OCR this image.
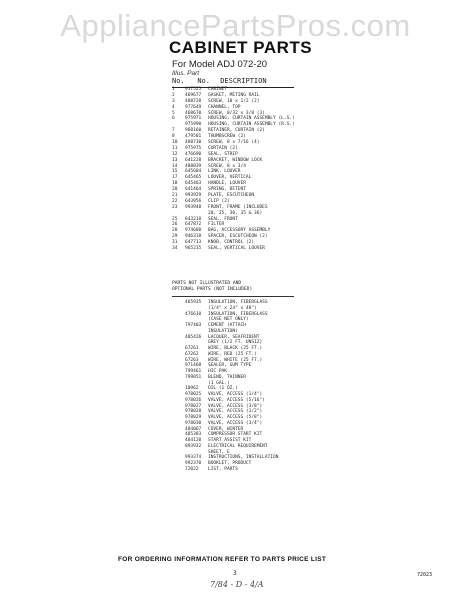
AppliancePartsPros.com
CABINET PARTS
For Model ADJ 072-20
Illus. Part
No. No. DESCRIPTION
1 917525 CABINET
2 469677 GASKET, METING RAIL
3 488720 SCREW, 10 x 1/2 (2)
4 977649 CHANNEL, TOP
5 468670 SCREW, 8/32 x 3/8 (3)
6 975971 HOUSING, CURTAIN ASSEMBLY (L.S.)
975990 HOUSING, CURTAIN ASSEMBLY (R.S.)
7 960160 RETAINER, CURTAIN (2)
8 479581 THUMBSCREW (2)
10 488730 SCREW, 8 x 7/16 (4)
11 975975 CURTAIN (2)
12 476690 SEAL, STRIP
13 641228 BRACKET, WINDOW LOCK
14 488039 SCREW, 8 x 3/4
15 645684 LINK, LOUVER
17 645465 LOUVER, VERTICAL
18 645463 HANDLE, LOUVER
20 641464 SPRING, DETENT
21 993929 PLATE, ESCUTCHEON
22 643956 CLIP (2)
23 993948 FRONT, FRAME (INCLUDES
20, 25, 30, 35 & 36)
25 843218 SEAL, FRONT
26 647872 FILTER
28 974680 BAG, ACCESSORY ASSEMBLY
29 946318 SPACER, ESCUTCHEON (2)
31 647713 KNOB, CONTROL (2)
34 965235 SEAL, VERTICAL LOUVER
PARTS NOT ILLUSTRATED AND
OPTIONAL PARTS (NOT INCLUDED)
465935 INSULATION, FIBERGLASS
(1/4" x 24" x 48")
476610 INSULATION, FIBERGLASS
(CASE NET ONLY)
797403 CEMENT (ATTACH
INSULATION)
485426 LACQUER, SEAFRIDENT
GREY (1/2 FT. UNSIZ)
67261 WIRE, BLACK (25 FT.)
67262 WIRE, RED (25 FT.)
67263 WIRE, WHITE (25 FT.)
971468 SEALER, GUM TYPE
799461 HIC PAK
799051 BLEND, THINNER
(1 GAL.)
10962 OIL (1 OZ.)
978025 VALVE, ACCESS (1/4")
978026 VALVE, ACCESS (5/16")
978027 VALVE, ACCESS (3/8")
978028 VALVE, ACCESS (1/2")
978029 VALVE, ACCESS (5/8")
978030 VALVE, ACCESS (3/4")
484067 COVER, WINTER
485383 COMPRESSOR START KIT
484120 START ASSIST KIT
893932 ELECTRICAL REQUIREMENT
SHEET, E
993374 INSTRUCTIONS, INSTALLATION
992370 BOOKLET, PRODUCT
72022 LIST, PARTS
FOR ORDERING INFORMATION REFER TO PARTS PRICE LIST
3	72023
7/84 - D - 4/A
